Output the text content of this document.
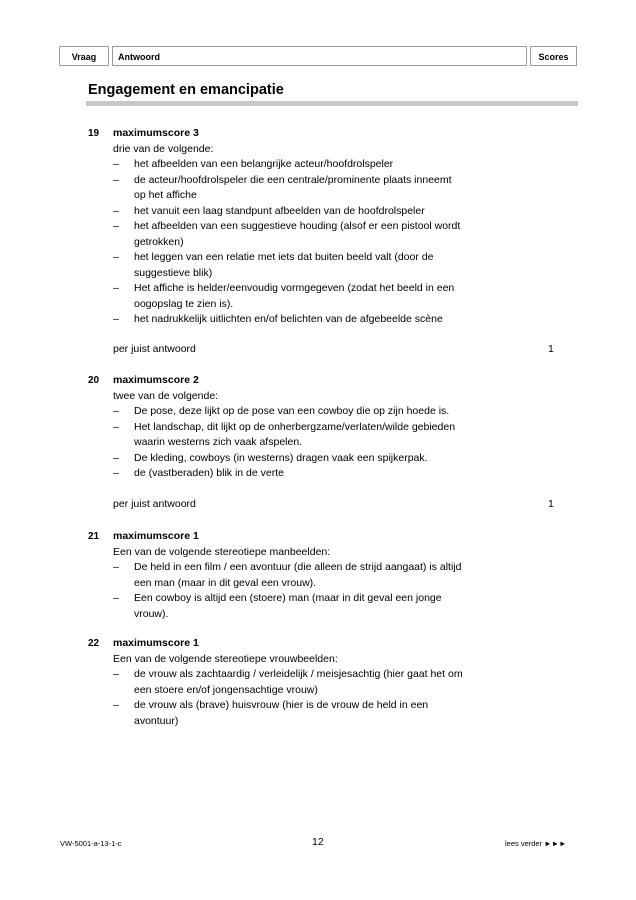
Vraag	Antwoord	Scores
Engagement en emancipatie
19 maximumscore 3
drie van de volgende:
– het afbeelden van een belangrijke acteur/hoofdrolspeler
– de acteur/hoofdrolspeler die een centrale/prominente plaats inneemt
op het affiche
– het vanuit een laag standpunt afbeelden van de hoofdrolspeler
– het afbeelden van een suggestieve houding (alsof er een pistool wordt
getrokken)
– het leggen van een relatie met iets dat buiten beeld valt (door de
suggestieve blik)
– Het affiche is helder/eenvoudig vormgegeven (zodat het beeld in een
oogopslag te zien is).
– het nadrukkelijk uitlichten en/of belichten van de afgebeelde scène
per juist antwoord	1
20 maximumscore 2
twee van de volgende:
– De pose, deze lijkt op de pose van een cowboy die op zijn hoede is.
– Het landschap, dit lijkt op de onherbergzame/verlaten/wilde gebieden
waarin westerns zich vaak afspelen.
– De kleding, cowboys (in westerns) dragen vaak een spijkerpak.
– de (vastberaden) blik in de verte
per juist antwoord	1
21 maximumscore 1
Een van de volgende stereotiepe manbeelden:
– De held in een film / een avontuur (die alleen de strijd aangaat) is altijd
een man (maar in dit geval een vrouw).
– Een cowboy is altijd een (stoere) man (maar in dit geval een jonge
vrouw).
22 maximumscore 1
Een van de volgende stereotiepe vrouwbeelden:
– de vrouw als zachtaardig / verleidelijk / meisjesachtig (hier gaat het om
een stoere en/of jongensachtige vrouw)
– de vrouw als (brave) huisvrouw (hier is de vrouw de held in een
avontuur)
VW-5001-a-13-1-c	12	lees verder ►►►
